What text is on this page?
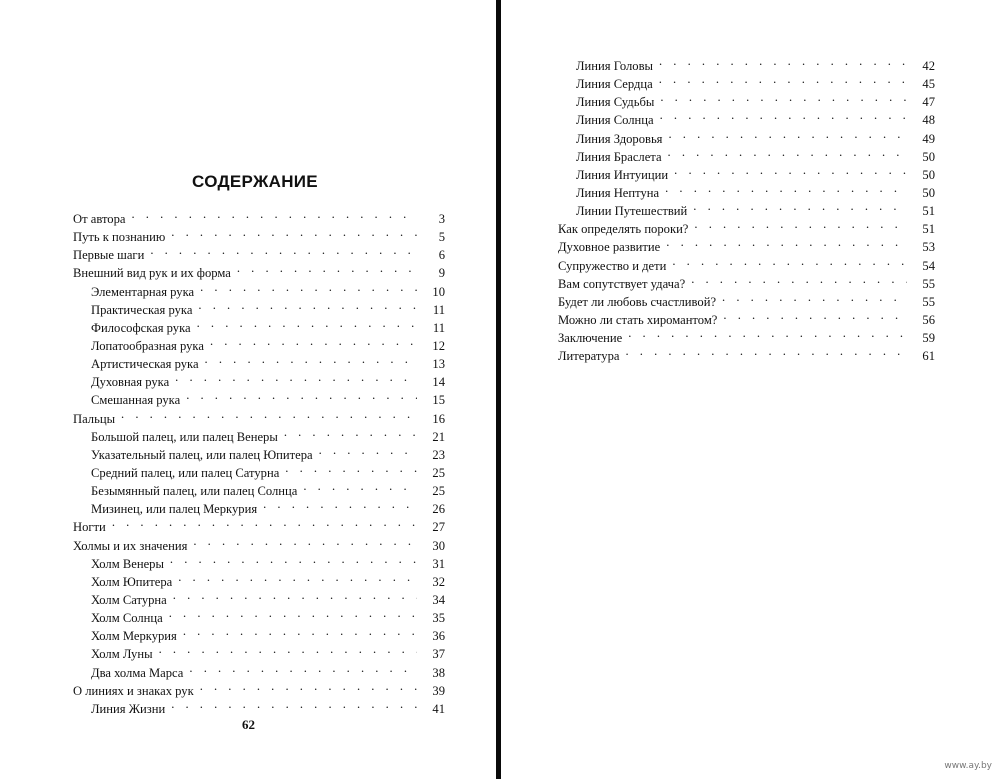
СОДЕРЖАНИЕ
От автора . . .	3
Путь к познанию . . .	5
Первые шаги . . .	6
Внешний вид рук и их форма . . .	9
Элементарная рука . . .	10
Практическая рука . . .	11
Философская рука . . .	11
Лопатообразная рука . . .	12
Артистическая рука . . .	13
Духовная рука . . .	14
Смешанная рука . . .	15
Пальцы . . .	16
Большой палец, или палец Венеры . . .	21
Указательный палец, или палец Юпитера . . .	23
Средний палец, или палец Сатурна . . .	25
Безымянный палец, или палец Солнца . . .	25
Мизинец, или палец Меркурия . . .	26
Ногти . . .	27
Холмы и их значения . . .	30
Холм Венеры . . .	31
Холм Юпитера . . .	32
Холм Сатурна . . .	34
Холм Солнца . . .	35
Холм Меркурия . . .	36
Холм Луны . . .	37
Два холма Марса . . .	38
О линиях и знаках рук . . .	39
Линия Жизни . . .	41
62
Линия Головы . . .	42
Линия Сердца . . .	45
Линия Судьбы . . .	47
Линия Солнца . . .	48
Линия Здоровья . . .	49
Линия Браслета . . .	50
Линия Интуиции . . .	50
Линия Нептуна . . .	50
Линии Путешествий . . .	51
Как определять пороки? . . .	51
Духовное развитие . . .	53
Супружество и дети . . .	54
Вам сопутствует удача? . . .	55
Будет ли любовь счастливой? . . .	55
Можно ли стать хиромантом? . . .	56
Заключение . . .	59
Литература . . .	61
www.ay.by
